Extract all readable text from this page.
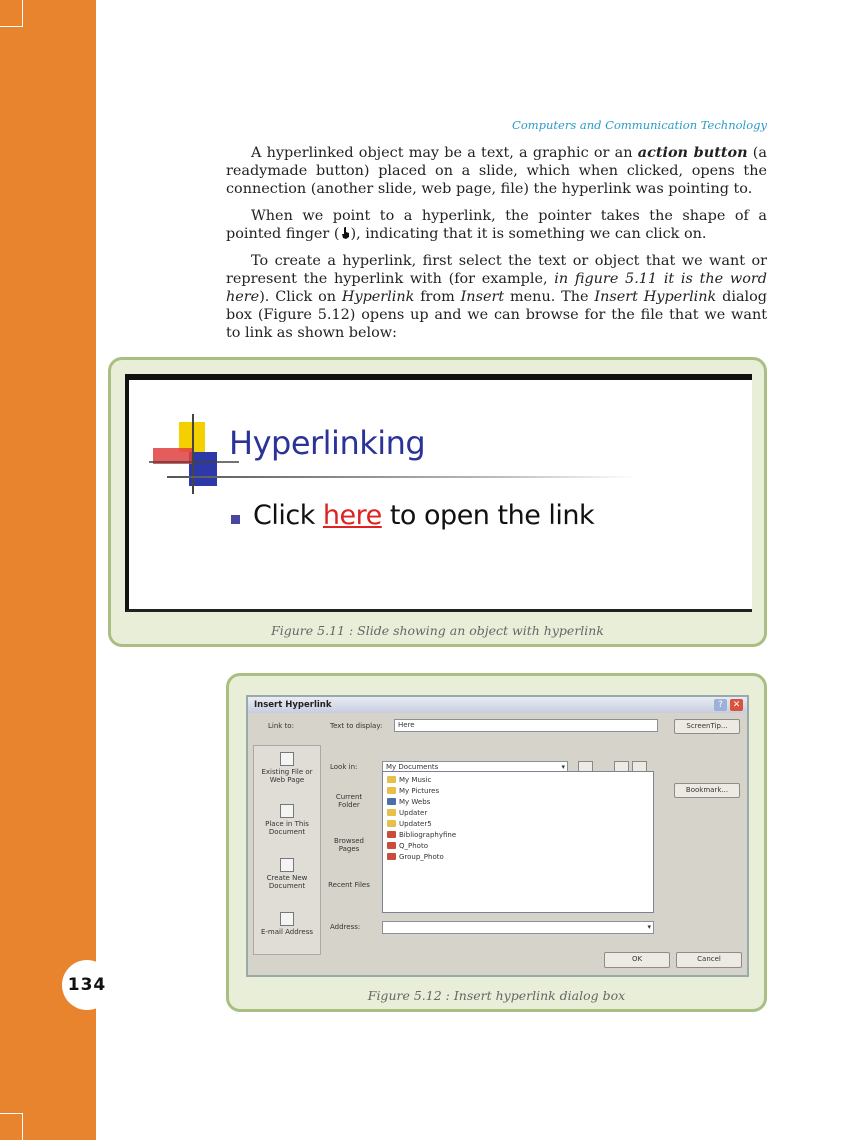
134
Computers and Communication Technology

A hyperlinked object may be a text, a graphic or an action button (a readymade button) placed on a slide, which when clicked, opens the connection (another slide, web page, file) the hyperlink was pointing to.

When we point to a hyperlink, the pointer takes the shape of a pointed finger ( ), indicating that it is something we can click on.

To create a hyperlink, first select the text or object that we want or represent the hyperlink with (for example, in figure 5.11 it is the word here). Click on Hyperlink from Insert menu. The Insert Hyperlink dialog box (Figure 5.12) opens up and we can browse for the file that we want to link as shown below:

Hyperlinking
Click here to open the link
Figure 5.11 : Slide showing an object with hyperlink
Insert Hyperlink	?	✕
Link to:	Text to display:	Here	ScreenTip...
Existing File or Web Page
Place in This Document
Create New Document
E-mail Address
Look in:	My Documents	▾
Bookmark...
Current Folder
Browsed Pages
Recent Files
My Music
My Pictures
My Webs
Updater
Updater5
Bibliographyfine
Q_Photo
Group_Photo
Address:	▾
OK	Cancel
Figure 5.12 : Insert hyperlink dialog box
